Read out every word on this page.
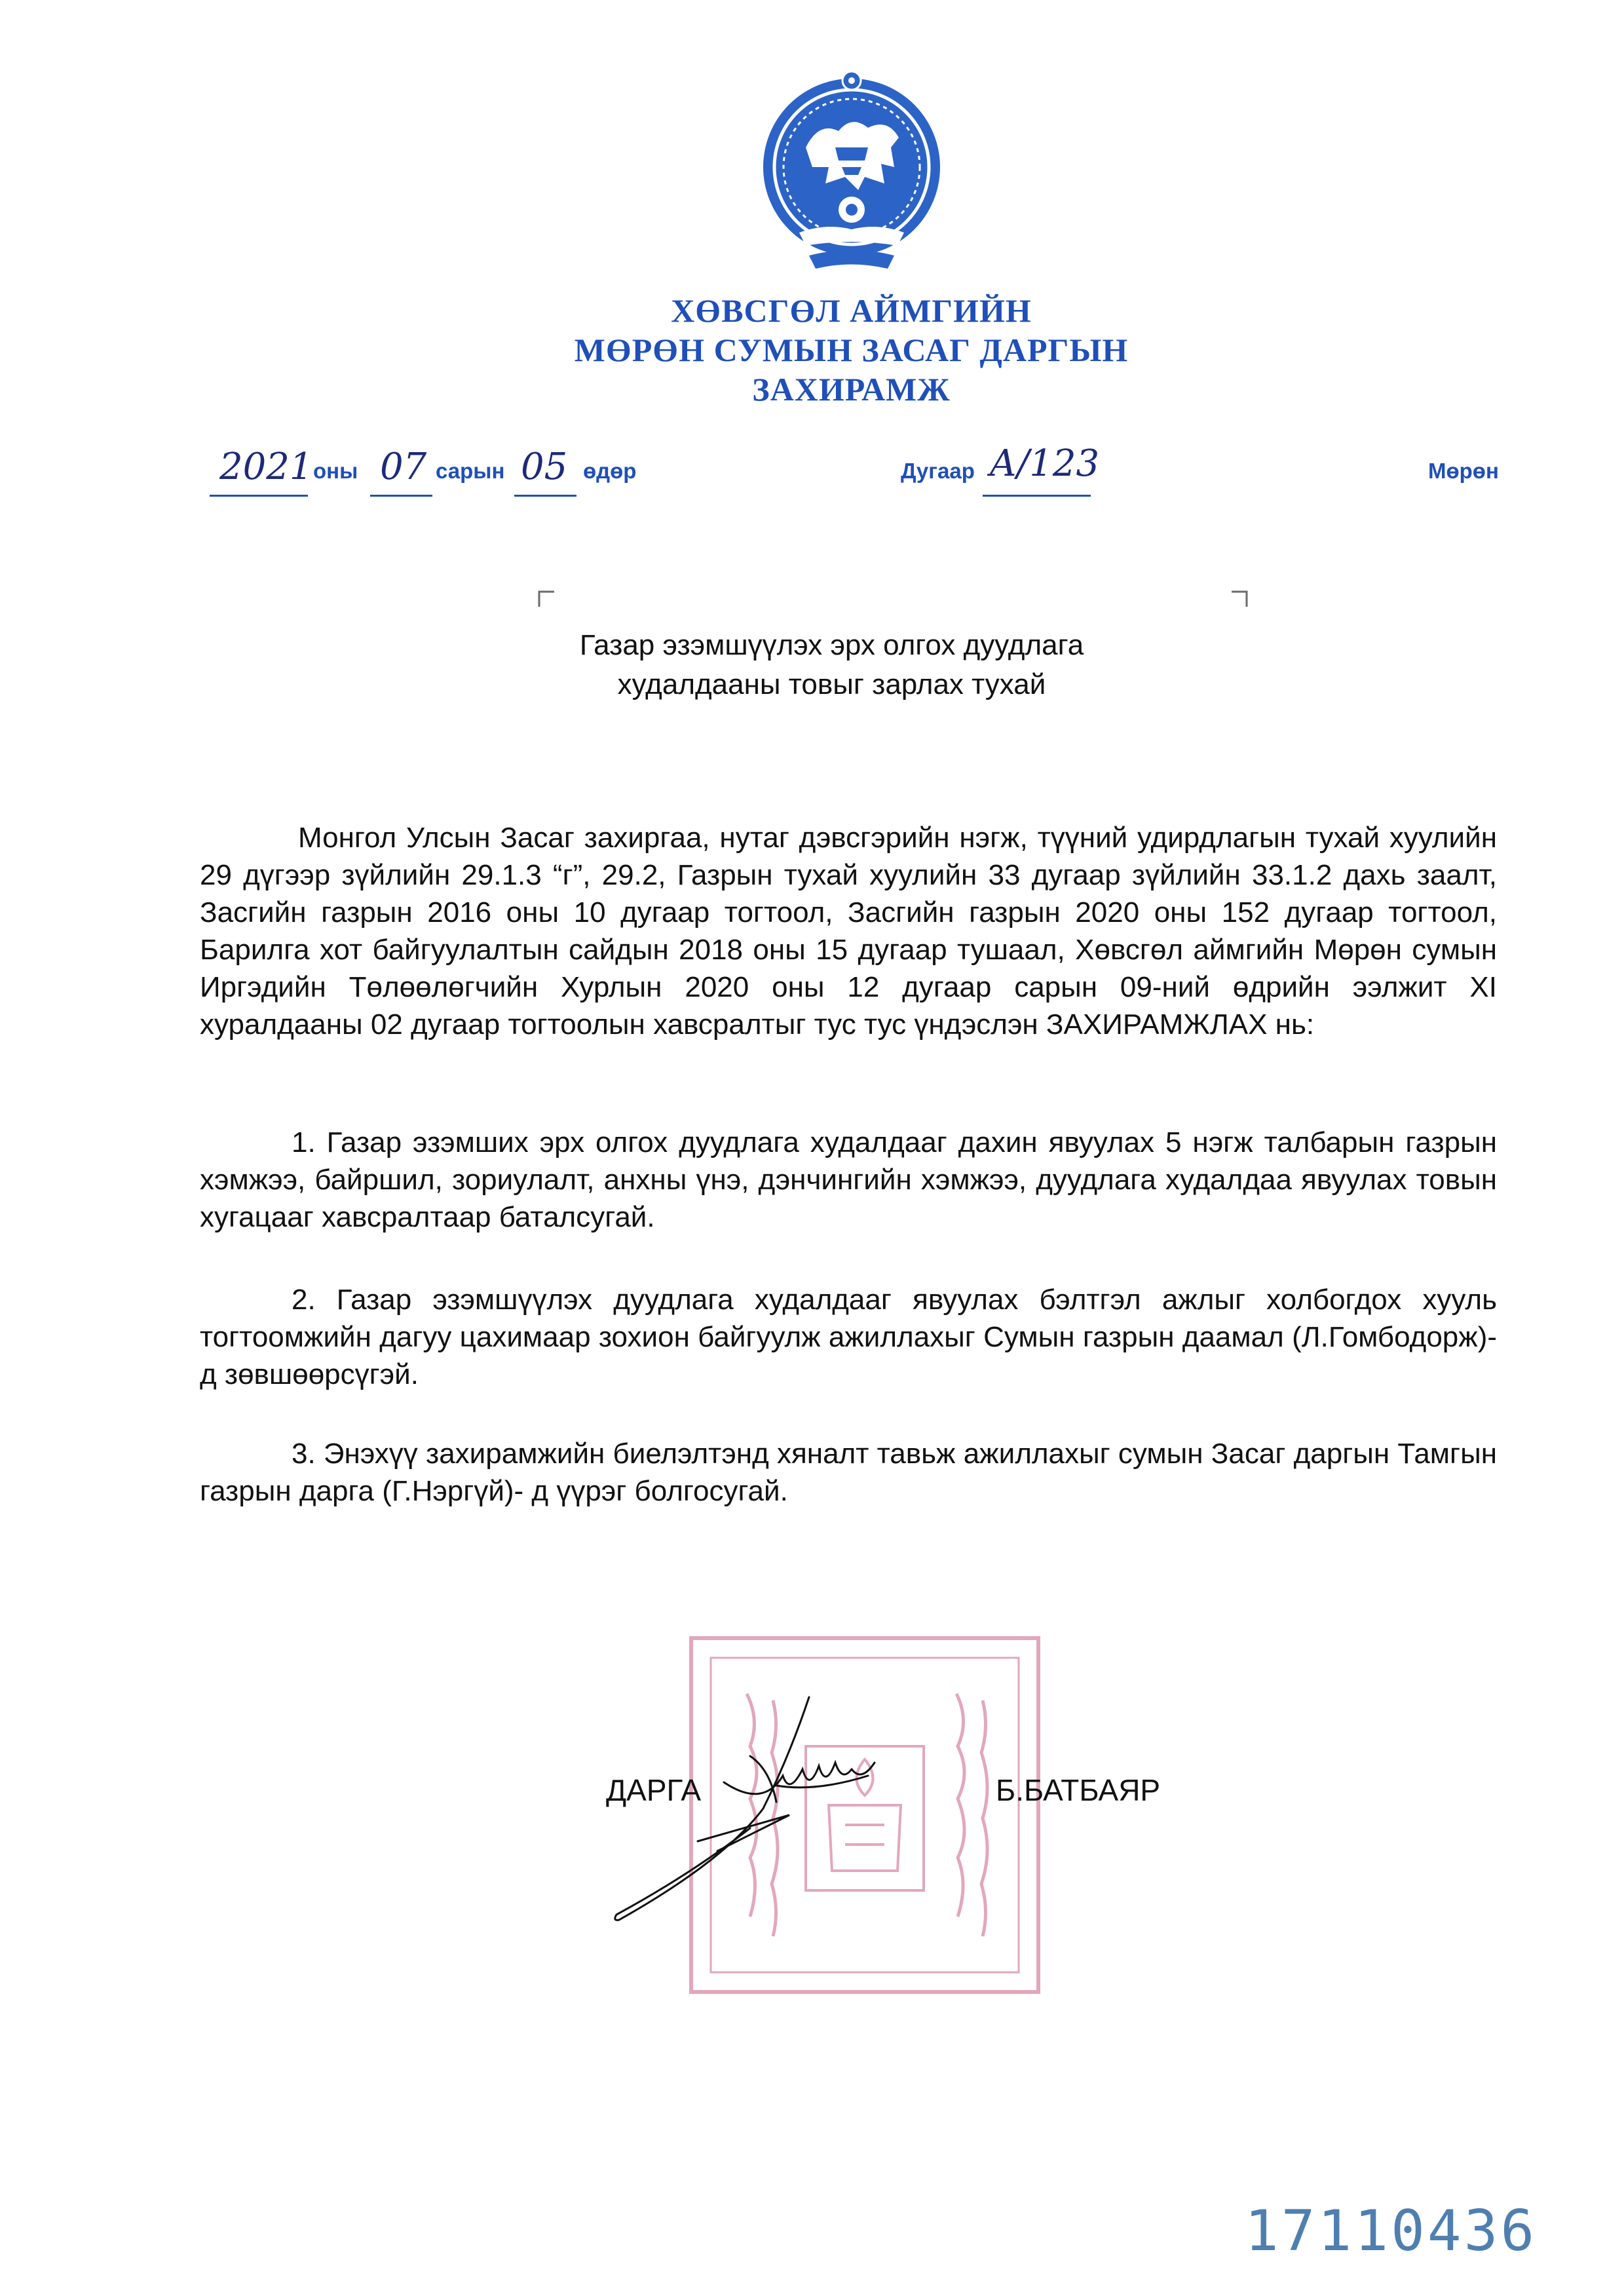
ХӨВСГӨЛ АЙМГИЙН
МӨРӨН СУМЫН ЗАСАГ ДАРГЫН
ЗАХИРАМЖ
2021 оны 07 сарын 05 өдөр	Дугаар А/123	Мөрөн
Газар эзэмшүүлэх эрх олгох дуудлага
худалдааны товыг зарлах тухай
Монгол Улсын Засаг захиргаа, нутаг дэвсгэрийн нэгж, түүний удирдлагын тухай хуулийн 29 дүгээр зүйлийн 29.1.3 “г”, 29.2, Газрын тухай хуулийн 33 дугаар зүйлийн 33.1.2 дахь заалт, Засгийн газрын 2016 оны 10 дугаар тогтоол, Засгийн газрын 2020 оны 152 дугаар тогтоол, Барилга хот байгуулалтын сайдын 2018 оны 15 дугаар тушаал, Хөвсгөл аймгийн Мөрөн сумын Иргэдийн Төлөөлөгчийн Хурлын 2020 оны 12 дугаар сарын 09-ний өдрийн ээлжит XI хуралдааны 02 дугаар тогтоолын хавсралтыг тус тус үндэслэн ЗАХИРАМЖЛАХ нь:
1. Газар эзэмших эрх олгох дуудлага худалдааг дахин явуулах 5 нэгж талбарын газрын хэмжээ, байршил, зориулалт, анхны үнэ, дэнчингийн хэмжээ, дуудлага худалдаа явуулах товын хугацааг хавсралтаар баталсугай.
2. Газар эзэмшүүлэх дуудлага худалдааг явуулах бэлтгэл ажлыг холбогдох хууль тогтоомжийн дагуу цахимаар зохион байгуулж ажиллахыг Сумын газрын даамал (Л.Гомбодорж)-д зөвшөөрсүгэй.
3. Энэхүү захирамжийн биелэлтэнд хяналт тавьж ажиллахыг сумын Засаг даргын Тамгын газрын дарга (Г.Нэргүй)- д үүрэг болгосугай.
ДАРГА	Б.БАТБАЯР
17110436
